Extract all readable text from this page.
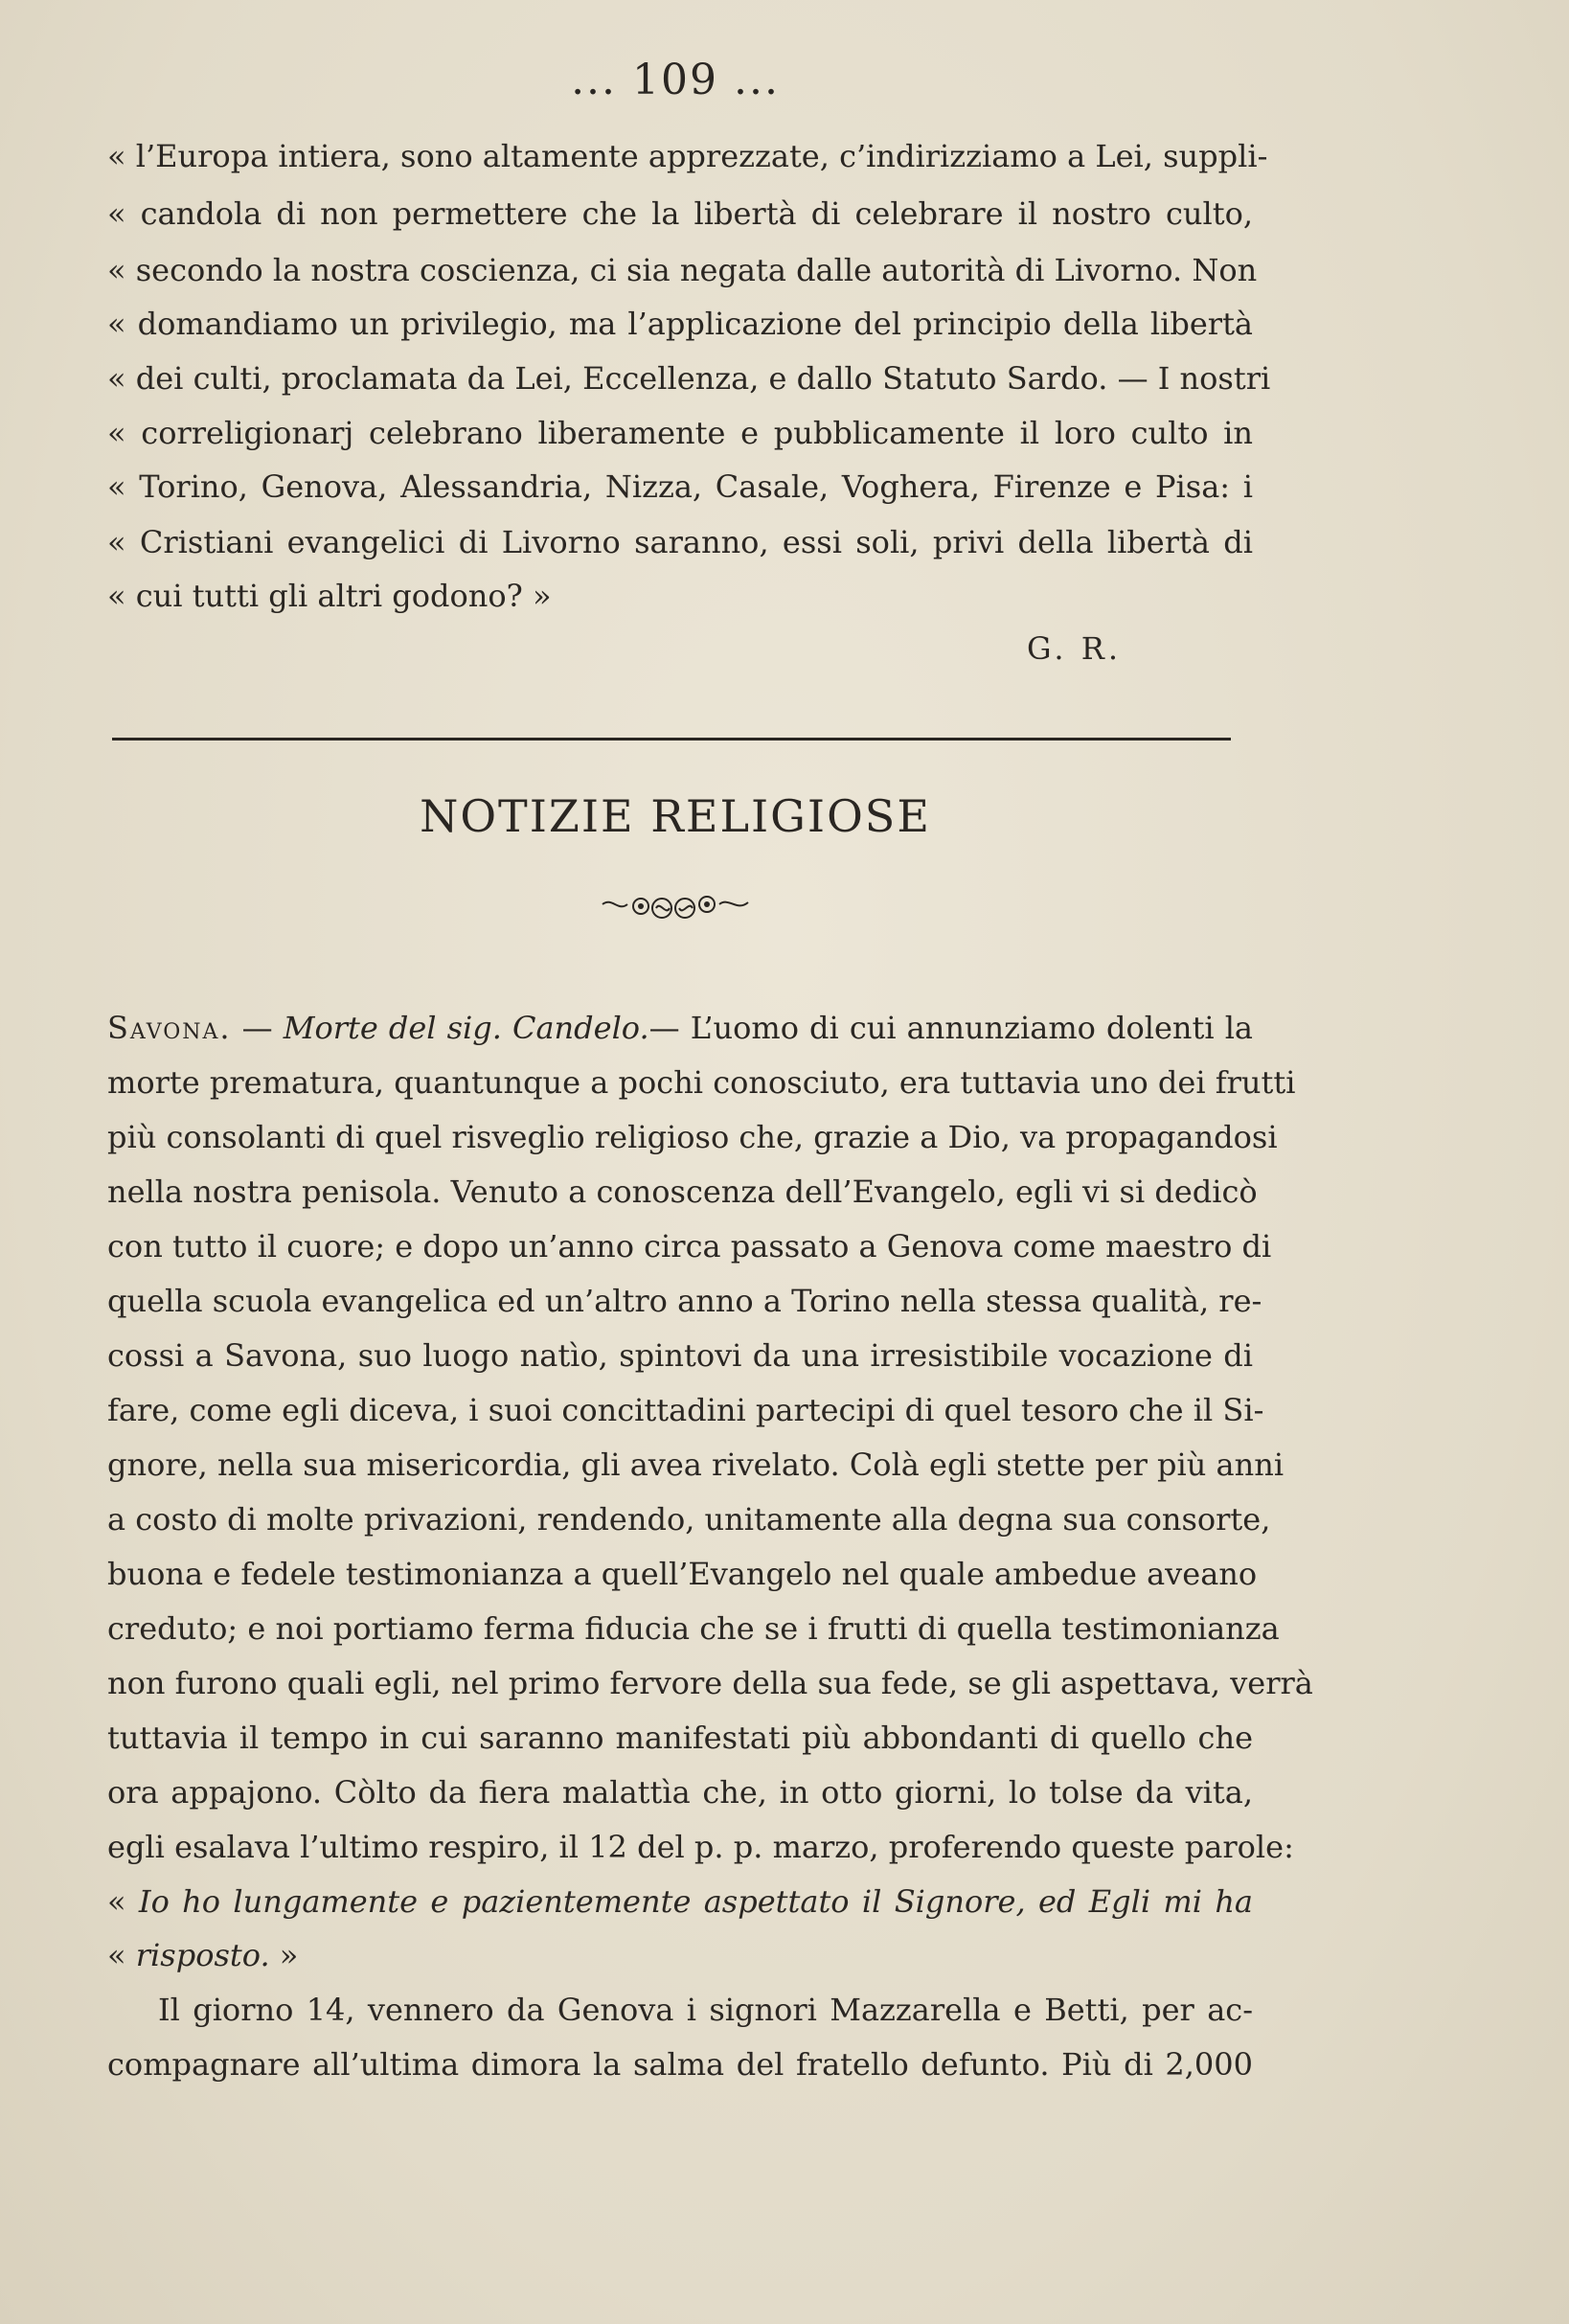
... 109 ...
« l’Europa intiera, sono altamente apprezzate, c’indirizziamo a Lei, suppli-
« candola di non permettere che la libertà di celebrare il nostro culto,
« secondo la nostra coscienza, ci sia negata dalle autorità di Livorno. Non
« domandiamo un privilegio, ma l’applicazione del principio della libertà
« dei culti, proclamata da Lei, Eccellenza, e dallo Statuto Sardo. — I nostri
« correligionarj celebrano liberamente e pubblicamente il loro culto in
« Torino, Genova, Alessandria, Nizza, Casale, Voghera, Firenze e Pisa: i
« Cristiani evangelici di Livorno saranno, essi soli, privi della libertà di
« cui tutti gli altri godono? »
G. R.
NOTIZIE RELIGIOSE
Savona. — Morte del sig. Candelo.— L’uomo di cui annunziamo dolenti la
morte prematura, quantunque a pochi conosciuto, era tuttavia uno dei frutti
più consolanti di quel risveglio religioso che, grazie a Dio, va propagandosi
nella nostra penisola. Venuto a conoscenza dell’Evangelo, egli vi si dedicò
con tutto il cuore; e dopo un’anno circa passato a Genova come maestro di
quella scuola evangelica ed un’altro anno a Torino nella stessa qualità, re-
cossi a Savona, suo luogo natìo, spintovi da una irresistibile vocazione di
fare, come egli diceva, i suoi concittadini partecipi di quel tesoro che il Si-
gnore, nella sua misericordia, gli avea rivelato. Colà egli stette per più anni
a costo di molte privazioni, rendendo, unitamente alla degna sua consorte,
buona e fedele testimonianza a quell’Evangelo nel quale ambedue aveano
creduto; e noi portiamo ferma fiducia che se i frutti di quella testimonianza
non furono quali egli, nel primo fervore della sua fede, se gli aspettava, verrà
tuttavia il tempo in cui saranno manifestati più abbondanti di quello che
ora appajono. Còlto da fiera malattìa che, in otto giorni, lo tolse da vita,
egli esalava l’ultimo respiro, il 12 del p. p. marzo, proferendo queste parole:
« Io ho lungamente e pazientemente aspettato il Signore, ed Egli mi ha
« risposto. »
Il giorno 14, vennero da Genova i signori Mazzarella e Betti, per ac-
compagnare all’ultima dimora la salma del fratello defunto. Più di 2,000
